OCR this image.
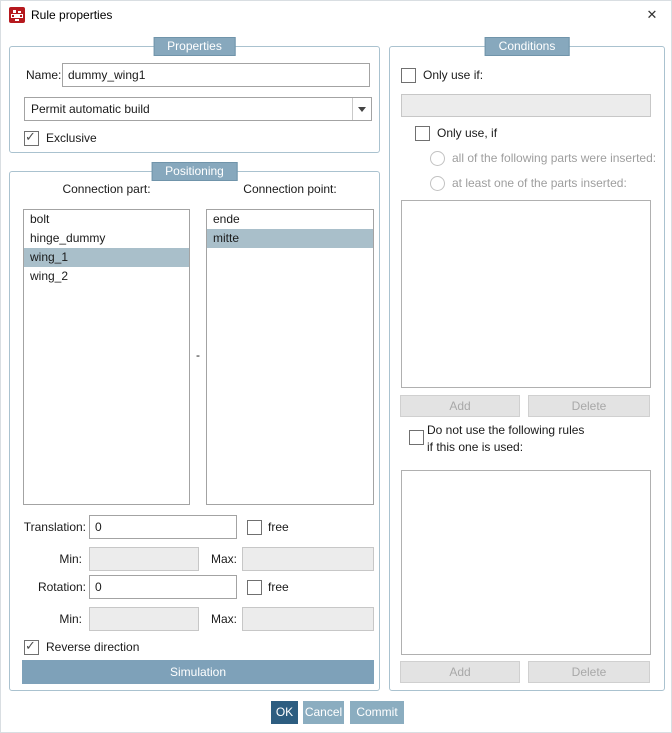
Rule properties	✕
Properties
Name:
dummy_wing1
Permit automatic build
✓ Exclusive
Positioning
Connection part:	Connection point:
bolt
hinge_dummy
wing_1
wing_2
-
ende
mitte
Translation:
0	free
Min:	Max:
Rotation:
0	free
Min:	Max:
✓ Reverse direction
Simulation
Conditions
Only use if:
Only use, if
all of the following parts were inserted:
at least one of the parts inserted:
Add	Delete
Do not use the following rules
if this one is used:
Add	Delete
OK Cancel	Commit
